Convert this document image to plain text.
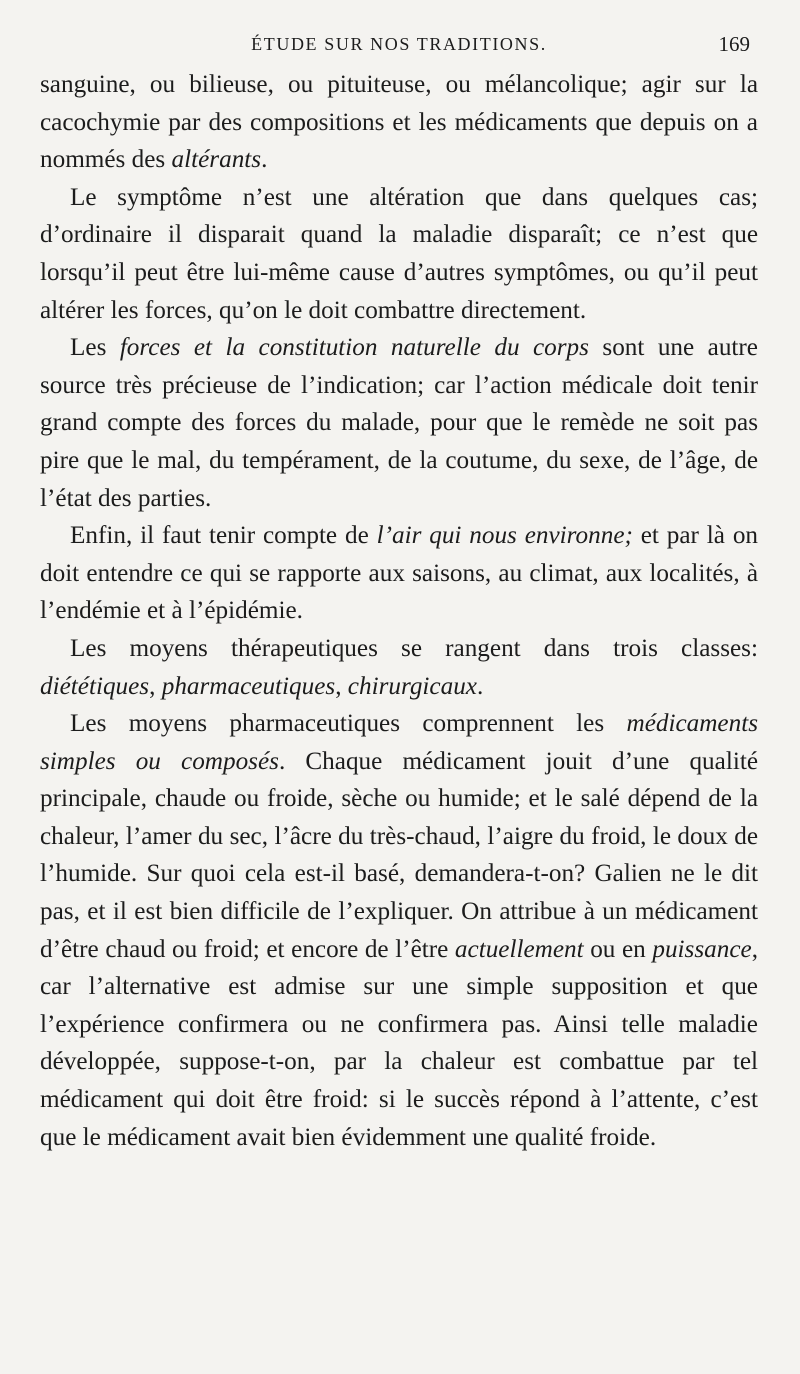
ÉTUDE SUR NOS TRADITIONS.	169

sanguine, ou bilieuse, ou pituiteuse, ou mélancolique; agir sur la cacochymie par des compositions et les médicaments que depuis on a nommés des altérants.

Le symptôme n’est une altération que dans quelques cas; d’ordinaire il disparait quand la maladie disparaît; ce n’est que lorsqu’il peut être lui-même cause d’autres symptômes, ou qu’il peut altérer les forces, qu’on le doit combattre directement.

Les forces et la constitution naturelle du corps sont une autre source très précieuse de l’indication; car l’action médicale doit tenir grand compte des forces du malade, pour que le remède ne soit pas pire que le mal, du tempérament, de la coutume, du sexe, de l’âge, de l’état des parties.

Enfin, il faut tenir compte de l’air qui nous environne; et par là on doit entendre ce qui se rapporte aux saisons, au climat, aux localités, à l’endémie et à l’épidémie.

Les moyens thérapeutiques se rangent dans trois classes: diététiques, pharmaceutiques, chirurgicaux.

Les moyens pharmaceutiques comprennent les médicaments simples ou composés. Chaque médicament jouit d’une qualité principale, chaude ou froide, sèche ou humide; et le salé dépend de la chaleur, l’amer du sec, l’âcre du très-chaud, l’aigre du froid, le doux de l’humide. Sur quoi cela est-il basé, demandera-t-on? Galien ne le dit pas, et il est bien difficile de l’expliquer. On attribue à un médicament d’être chaud ou froid; et encore de l’être actuellement ou en puissance, car l’alternative est admise sur une simple supposition et que l’expérience confirmera ou ne confirmera pas. Ainsi telle maladie développée, suppose-t-on, par la chaleur est combattue par tel médicament qui doit être froid: si le succès répond à l’attente, c’est que le médicament avait bien évidemment une qualité froide.
